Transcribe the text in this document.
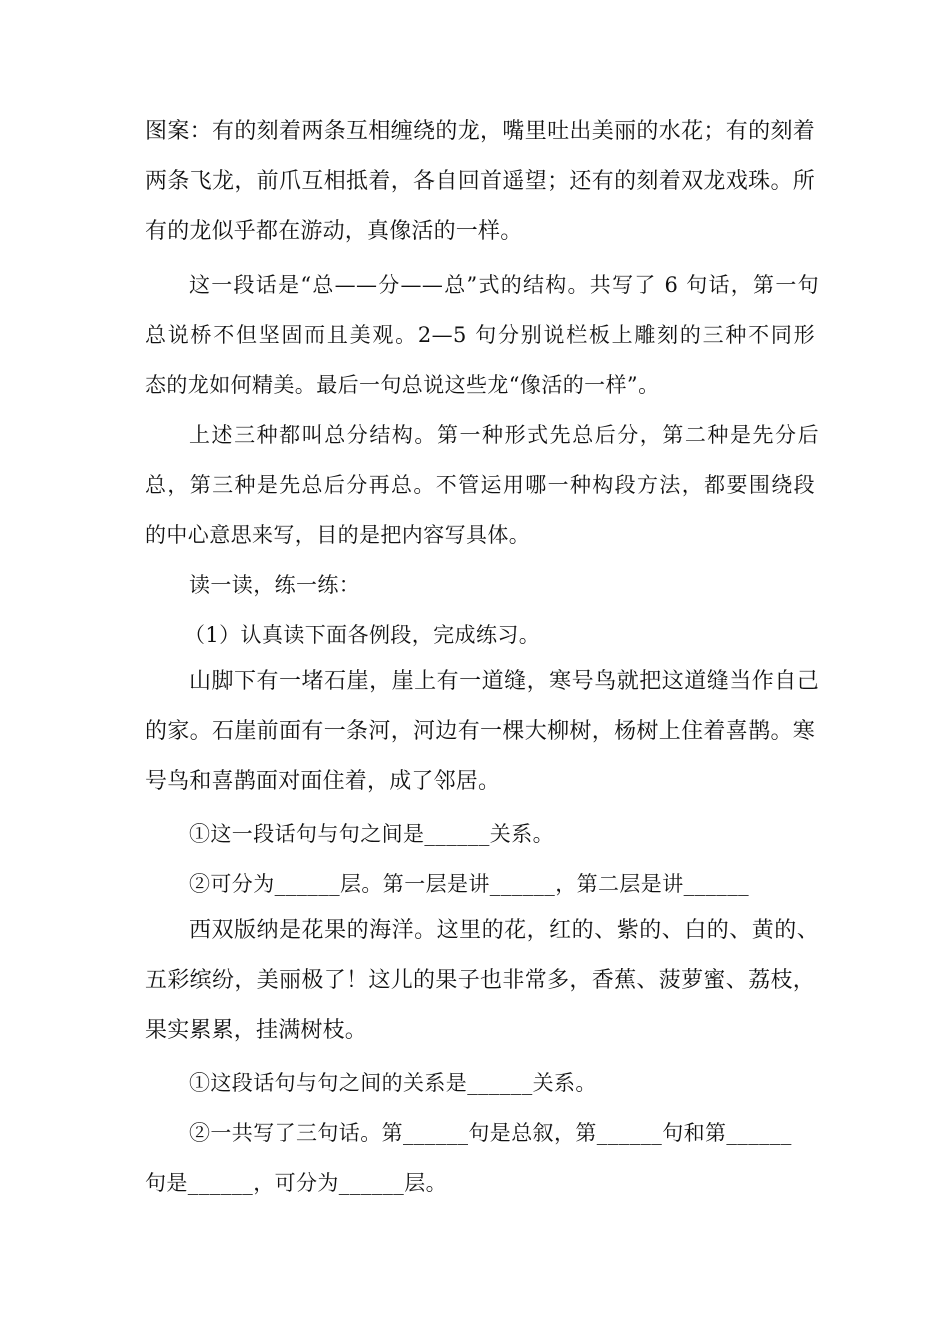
图案：有的刻着两条互相缠绕的龙，嘴里吐出美丽的水花；有的刻着
两条飞龙，前爪互相抵着，各自回首遥望；还有的刻着双龙戏珠。所
有的龙似乎都在游动，真像活的一样。
这一段话是“总——分——总”式的结构。共写了 6 句话，第一句
总说桥不但坚固而且美观。2—5 句分别说栏板上雕刻的三种不同形
态的龙如何精美。最后一句总说这些龙“像活的一样”。
上述三种都叫总分结构。第一种形式先总后分，第二种是先分后
总，第三种是先总后分再总。不管运用哪一种构段方法，都要围绕段
的中心意思来写，目的是把内容写具体。
读一读，练一练：
（1）认真读下面各例段，完成练习。
山脚下有一堵石崖，崖上有一道缝，寒号鸟就把这道缝当作自己
的家。石崖前面有一条河，河边有一棵大柳树，杨树上住着喜鹊。寒
号鸟和喜鹊面对面住着，成了邻居。
①这一段话句与句之间是______关系。
②可分为______层。第一层是讲______，第二层是讲______
西双版纳是花果的海洋。这里的花，红的、紫的、白的、黄的、
五彩缤纷，美丽极了！这儿的果子也非常多，香蕉、菠萝蜜、荔枝，
果实累累，挂满树枝。
①这段话句与句之间的关系是______关系。
②一共写了三句话。第______句是总叙，第______句和第______
句是______，可分为______层。
